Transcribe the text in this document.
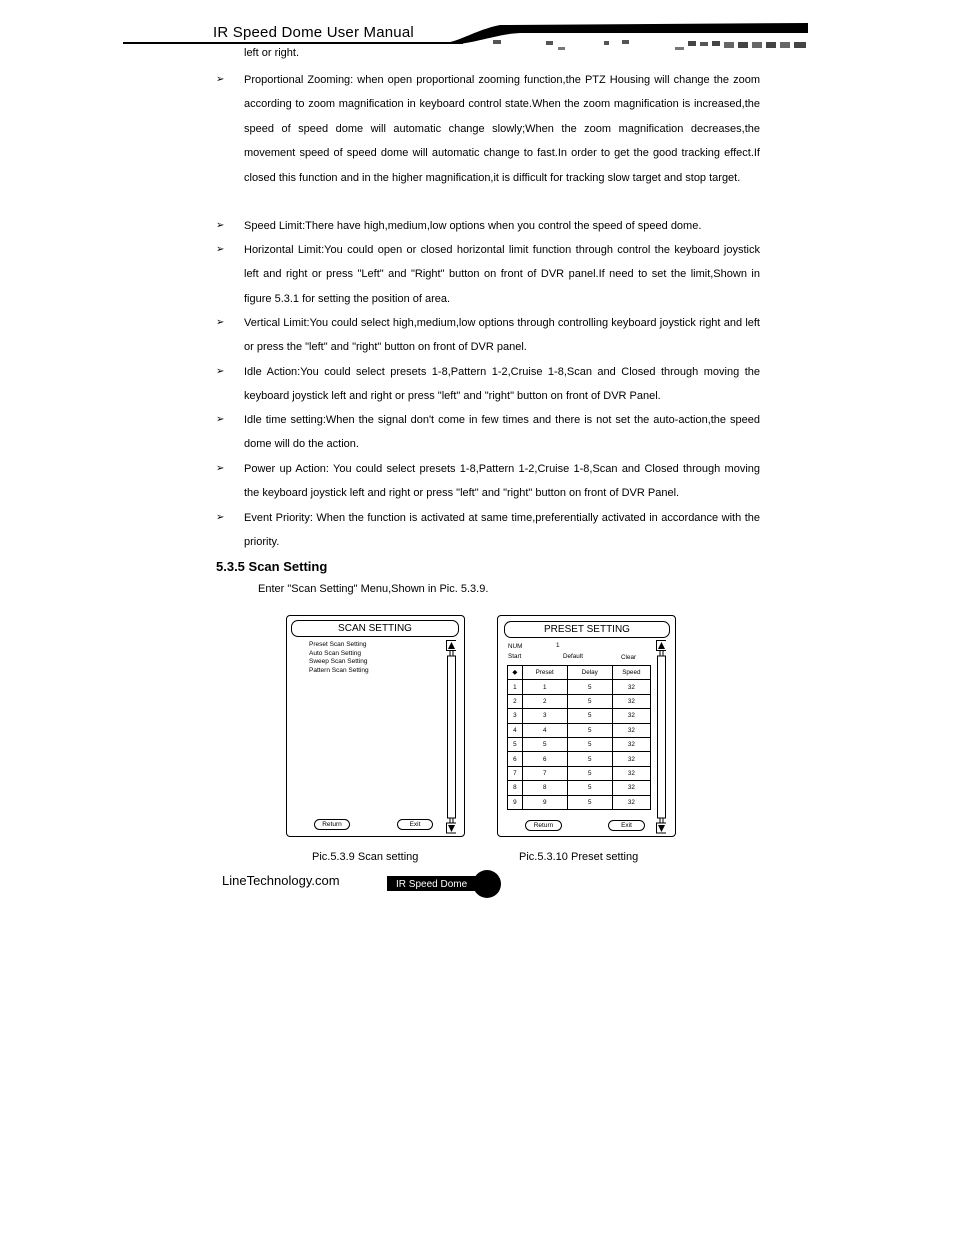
IR Speed Dome User Manual
left or right.
➢ Proportional Zooming: when open proportional zooming function,the PTZ Housing will change the zoom according to zoom magnification in keyboard control state.When the zoom magnification is increased,the speed of speed dome will automatic change slowly;When the zoom magnification decreases,the movement speed of speed dome will automatic change to fast.In order to get the good tracking effect.If closed this function and in the higher magnification,it is difficult for tracking slow target and stop target.
➢ Speed Limit:There have high,medium,low options when you control the speed of speed dome.
➢ Horizontal Limit:You could open or closed horizontal limit function through control the keyboard joystick left and right or press "Left" and "Right" button on front of DVR panel.If need to set the limit,Shown in figure 5.3.1 for setting the position of area.
➢ Vertical Limit:You could select high,medium,low options through controlling keyboard joystick right and left or press the "left" and "right" button on front of DVR panel.
➢ Idle Action:You could select presets 1-8,Pattern 1-2,Cruise 1-8,Scan and Closed through moving the keyboard joystick left and right or press "left" and "right" button on front of DVR Panel.
➢ Idle time setting:When the signal don't come in few times and there is not set the auto-action,the speed dome will do the action.
➢ Power up Action: You could select presets 1-8,Pattern 1-2,Cruise 1-8,Scan and Closed through moving the keyboard joystick left and right or press "left" and "right" button on front of DVR Panel.
➢ Event Priority: When the function is activated at same time,preferentially activated in accordance with the priority.
5.3.5 Scan Setting
Enter "Scan Setting" Menu,Shown in Pic. 5.3.9.
SCAN SETTING
Preset Scan Setting
Auto Scan Setting
Sweep Scan Setting
Pattern Scan Setting
Return	Exit
PRESET SETTING
NUM	1
Start	Default	Clear
◆	Preset	Delay	Speed
1	1	5	32
2	2	5	32
3	3	5	32
4	4	5	32
5	5	5	32
6	6	5	32
7	7	5	32
8	8	5	32
9	9	5	32
Return	Exit
Pic.5.3.9 Scan setting	Pic.5.3.10 Preset setting
LineTechnology.com	IR Speed Dome
